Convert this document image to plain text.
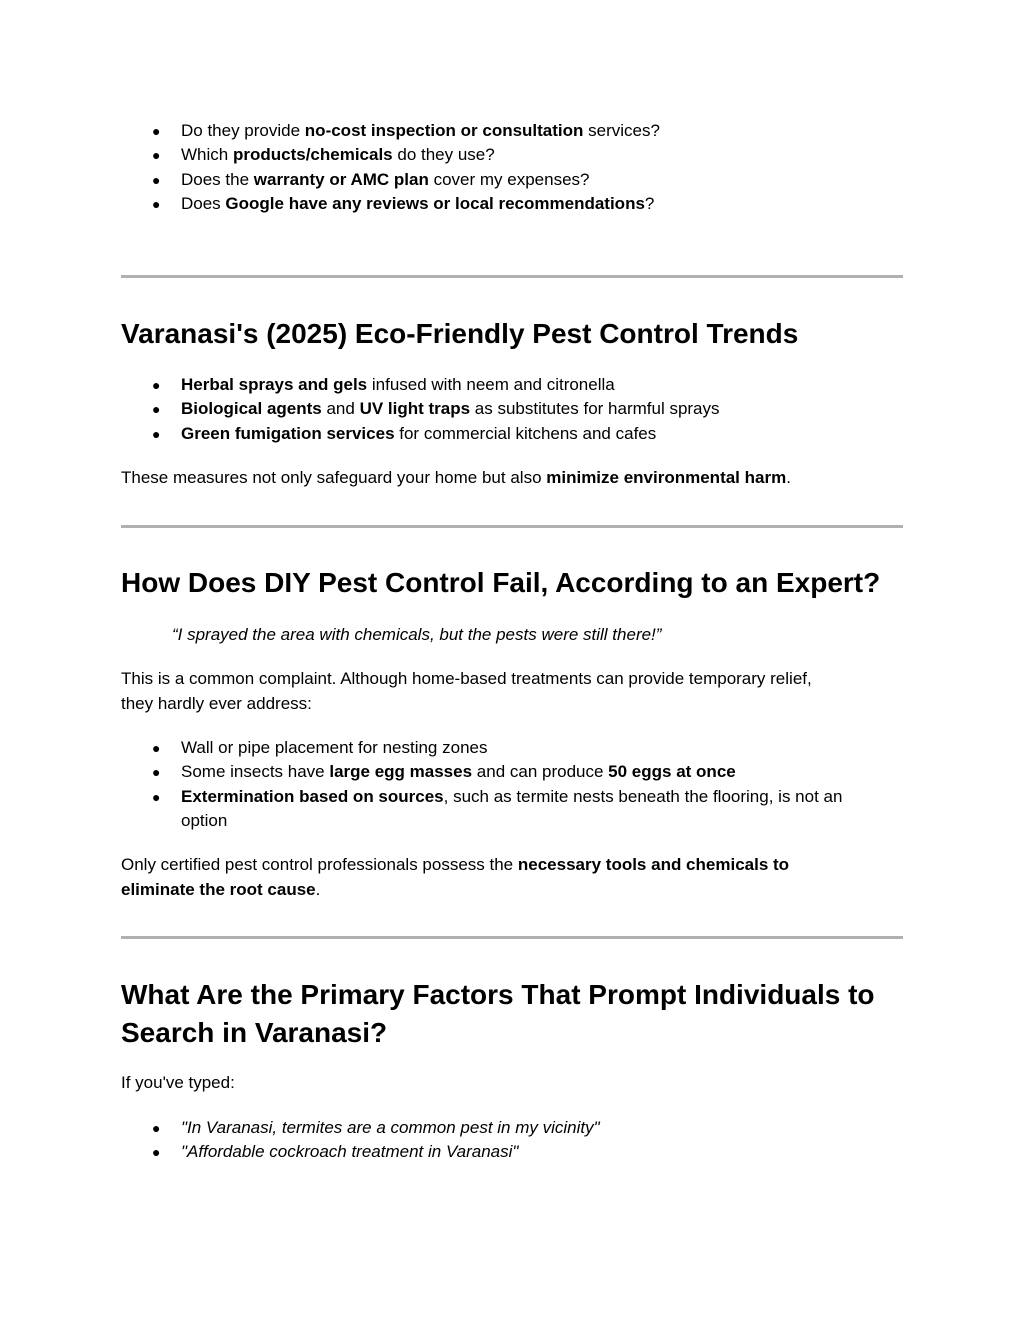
● Do they provide no-cost inspection or consultation services?
● Which products/chemicals do they use?
● Does the warranty or AMC plan cover my expenses?
● Does Google have any reviews or local recommendations?
Varanasi's (2025) Eco-Friendly Pest Control Trends
● Herbal sprays and gels infused with neem and citronella
● Biological agents and UV light traps as substitutes for harmful sprays
● Green fumigation services for commercial kitchens and cafes

These measures not only safeguard your home but also minimize environmental harm.

How Does DIY Pest Control Fail, According to an Expert?

“I sprayed the area with chemicals, but the pests were still there!”

This is a common complaint. Although home-based treatments can provide temporary relief,
they hardly ever address:

● Wall or pipe placement for nesting zones
● Some insects have large egg masses and can produce 50 eggs at once
● Extermination based on sources, such as termite nests beneath the flooring, is not an
option

Only certified pest control professionals possess the necessary tools and chemicals to
eliminate the root cause.

What Are the Primary Factors That Prompt Individuals to
Search in Varanasi?

If you've typed:

● "In Varanasi, termites are a common pest in my vicinity"
● "Affordable cockroach treatment in Varanasi"
